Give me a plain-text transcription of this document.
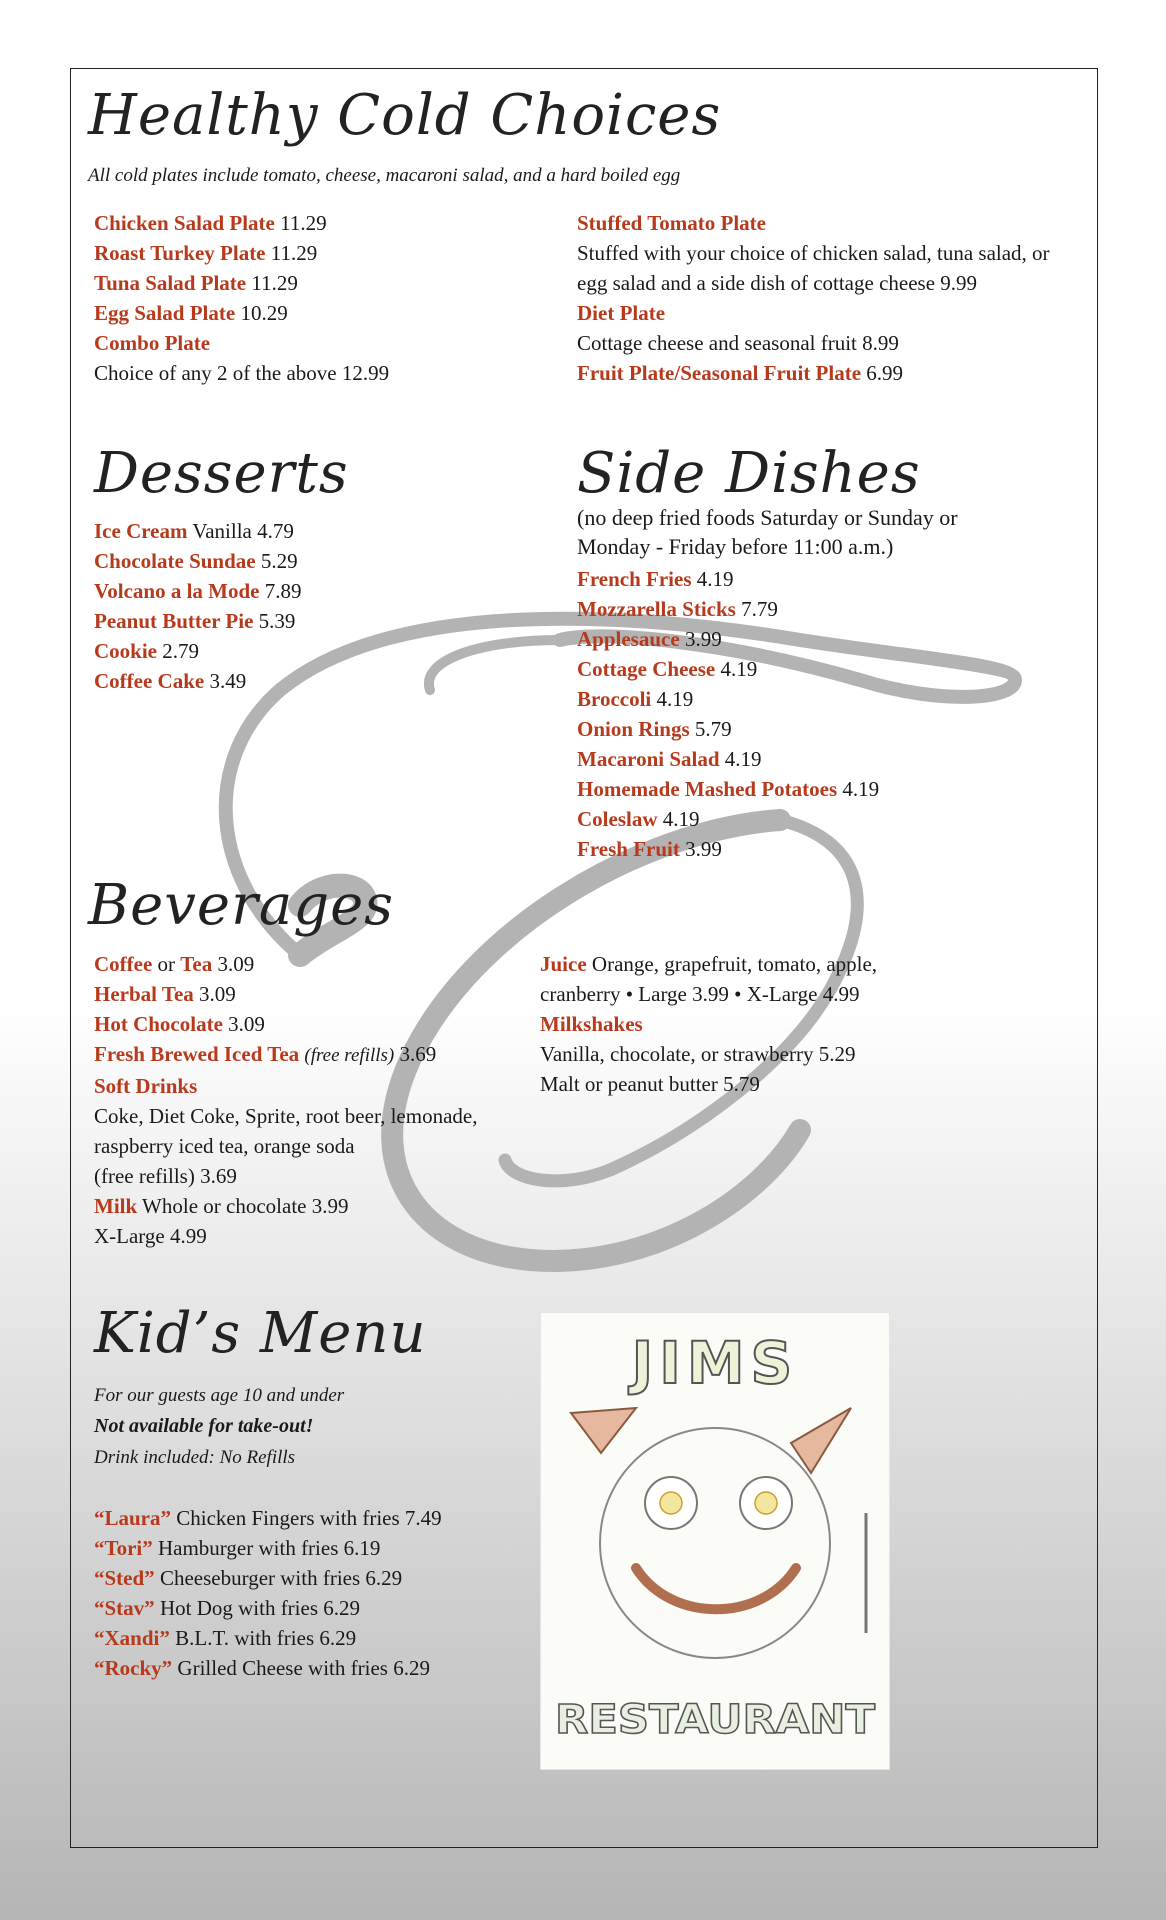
Healthy Cold Choices
All cold plates include tomato, cheese, macaroni salad, and a hard boiled egg
Chicken Salad Plate 11.29
Roast Turkey Plate 11.29
Tuna Salad Plate 11.29
Egg Salad Plate 10.29
Combo Plate
Choice of any 2 of the above 12.99
Stuffed Tomato Plate
Stuffed with your choice of chicken salad, tuna salad, or
egg salad and a side dish of cottage cheese 9.99
Diet Plate
Cottage cheese and seasonal fruit 8.99
Fruit Plate/Seasonal Fruit Plate 6.99
Desserts
Ice Cream Vanilla 4.79
Chocolate Sundae 5.29
Volcano a la Mode 7.89
Peanut Butter Pie 5.39
Cookie 2.79
Coffee Cake 3.49
Side Dishes
(no deep fried foods Saturday or Sunday or
Monday - Friday before 11:00 a.m.)
French Fries 4.19
Mozzarella Sticks 7.79
Applesauce 3.99
Cottage Cheese 4.19
Broccoli 4.19
Onion Rings 5.79
Macaroni Salad 4.19
Homemade Mashed Potatoes 4.19
Coleslaw 4.19
Fresh Fruit 3.99
Beverages
Coffee or Tea 3.09
Herbal Tea 3.09
Hot Chocolate 3.09
Fresh Brewed Iced Tea (free refills) 3.69
Soft Drinks
Coke, Diet Coke, Sprite, root beer, lemonade,
raspberry iced tea, orange soda
(free refills) 3.69
Milk Whole or chocolate 3.99
X-Large 4.99
Juice Orange, grapefruit, tomato, apple,
cranberry • Large 3.99 • X-Large 4.99
Milkshakes
Vanilla, chocolate, or strawberry 5.29
Malt or peanut butter 5.79
Kid’s Menu
For our guests age 10 and under
Not available for take-out!
Drink included: No Refills
“Laura” Chicken Fingers with fries 7.49
“Tori” Hamburger with fries 6.19
“Sted” Cheeseburger with fries 6.29
“Stav” Hot Dog with fries 6.29
“Xandi” B.L.T. with fries 6.29
“Rocky” Grilled Cheese with fries 6.29
JIMS
RESTAURANT
